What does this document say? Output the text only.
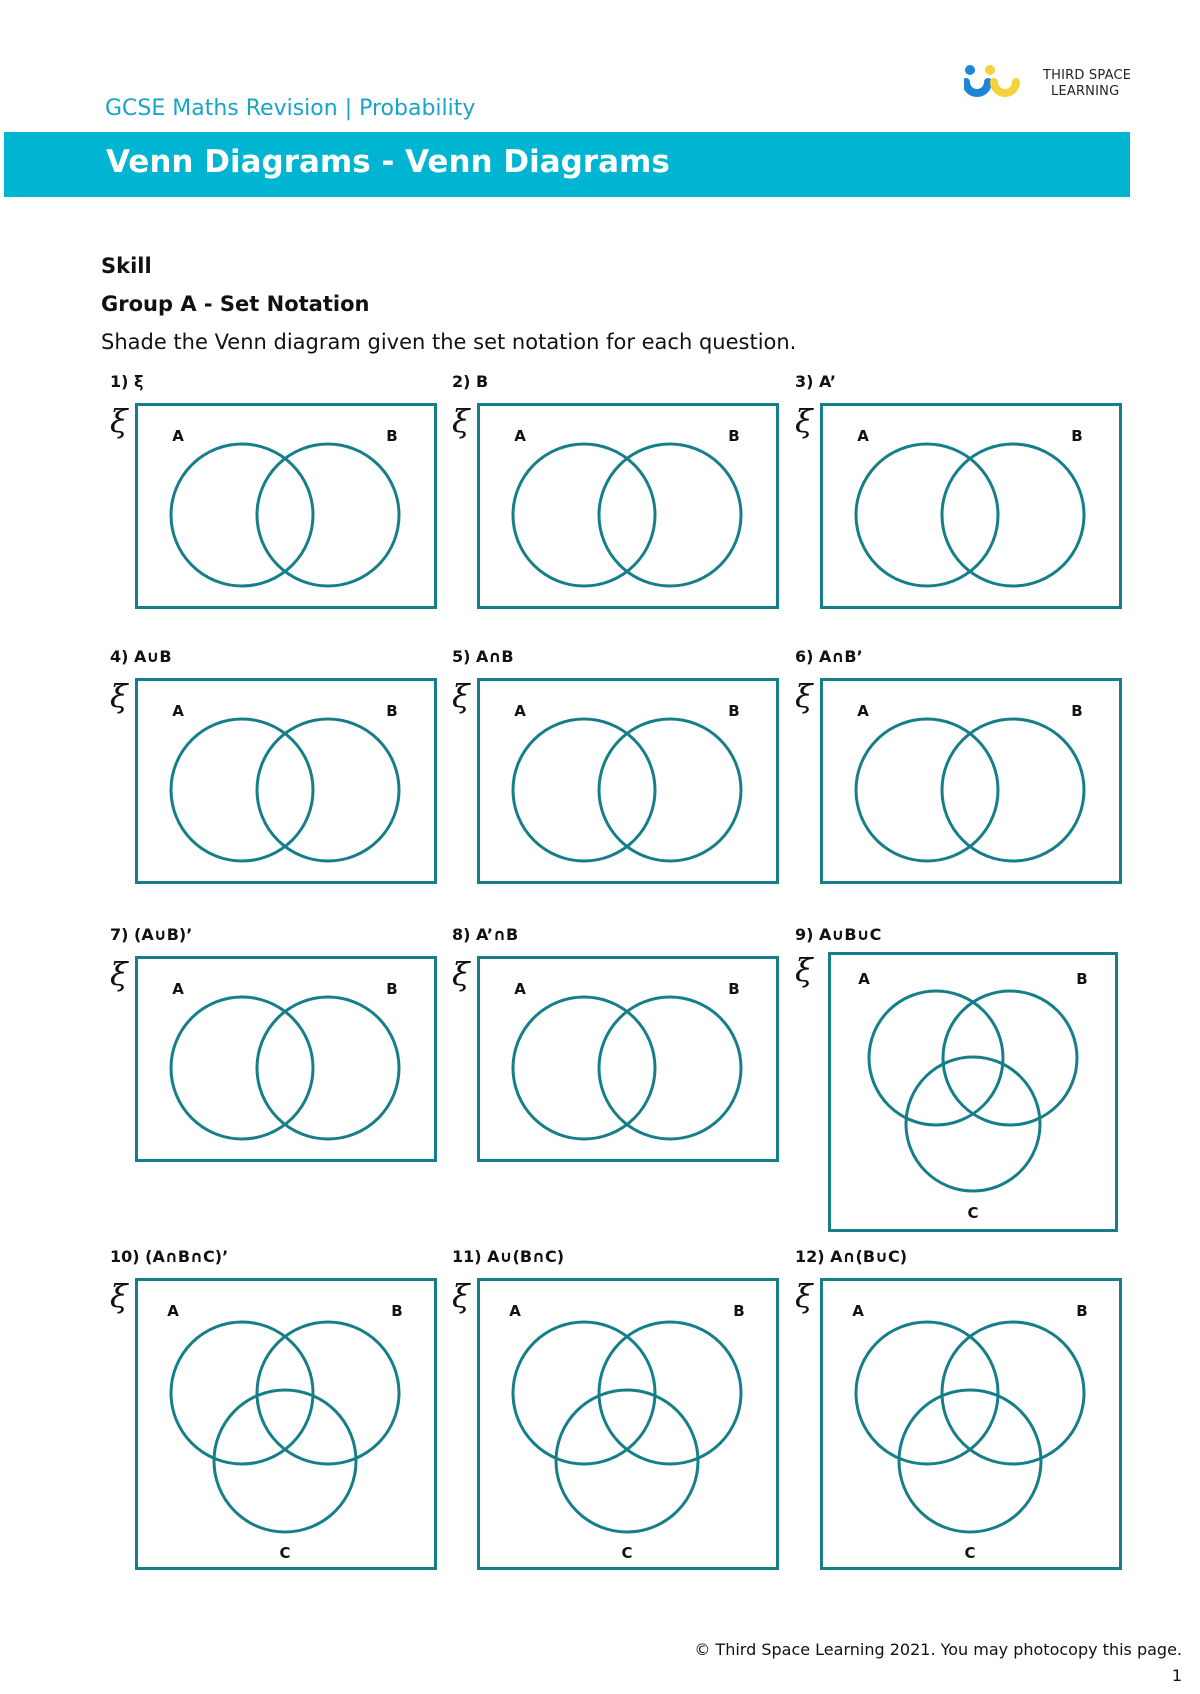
THIRD SPACE
LEARNING
GCSE Maths Revision | Probability
Venn Diagrams - Venn Diagrams
Skill
Group A - Set Notation
Shade the Venn diagram given the set notation for each question.
1) ξ
ξ	A	B
2) B
ξ	A	B
3) A’
ξ	A	B
4) A∪B
ξ	A	B
5) A∩B
ξ	A	B
6) A∩B’
ξ	A	B
7) (A∪B)’
ξ	A	B
8) A’∩B
ξ	A	B
9) A∪B∪C
ξ	A	B
C
10) (A∩B∩C)’
ξ	A	B
C
11) A∪(B∩C)
ξ	A	B
C
12) A∩(B∪C)
ξ	A	B
C
© Third Space Learning 2021. You may photocopy this page.
1
